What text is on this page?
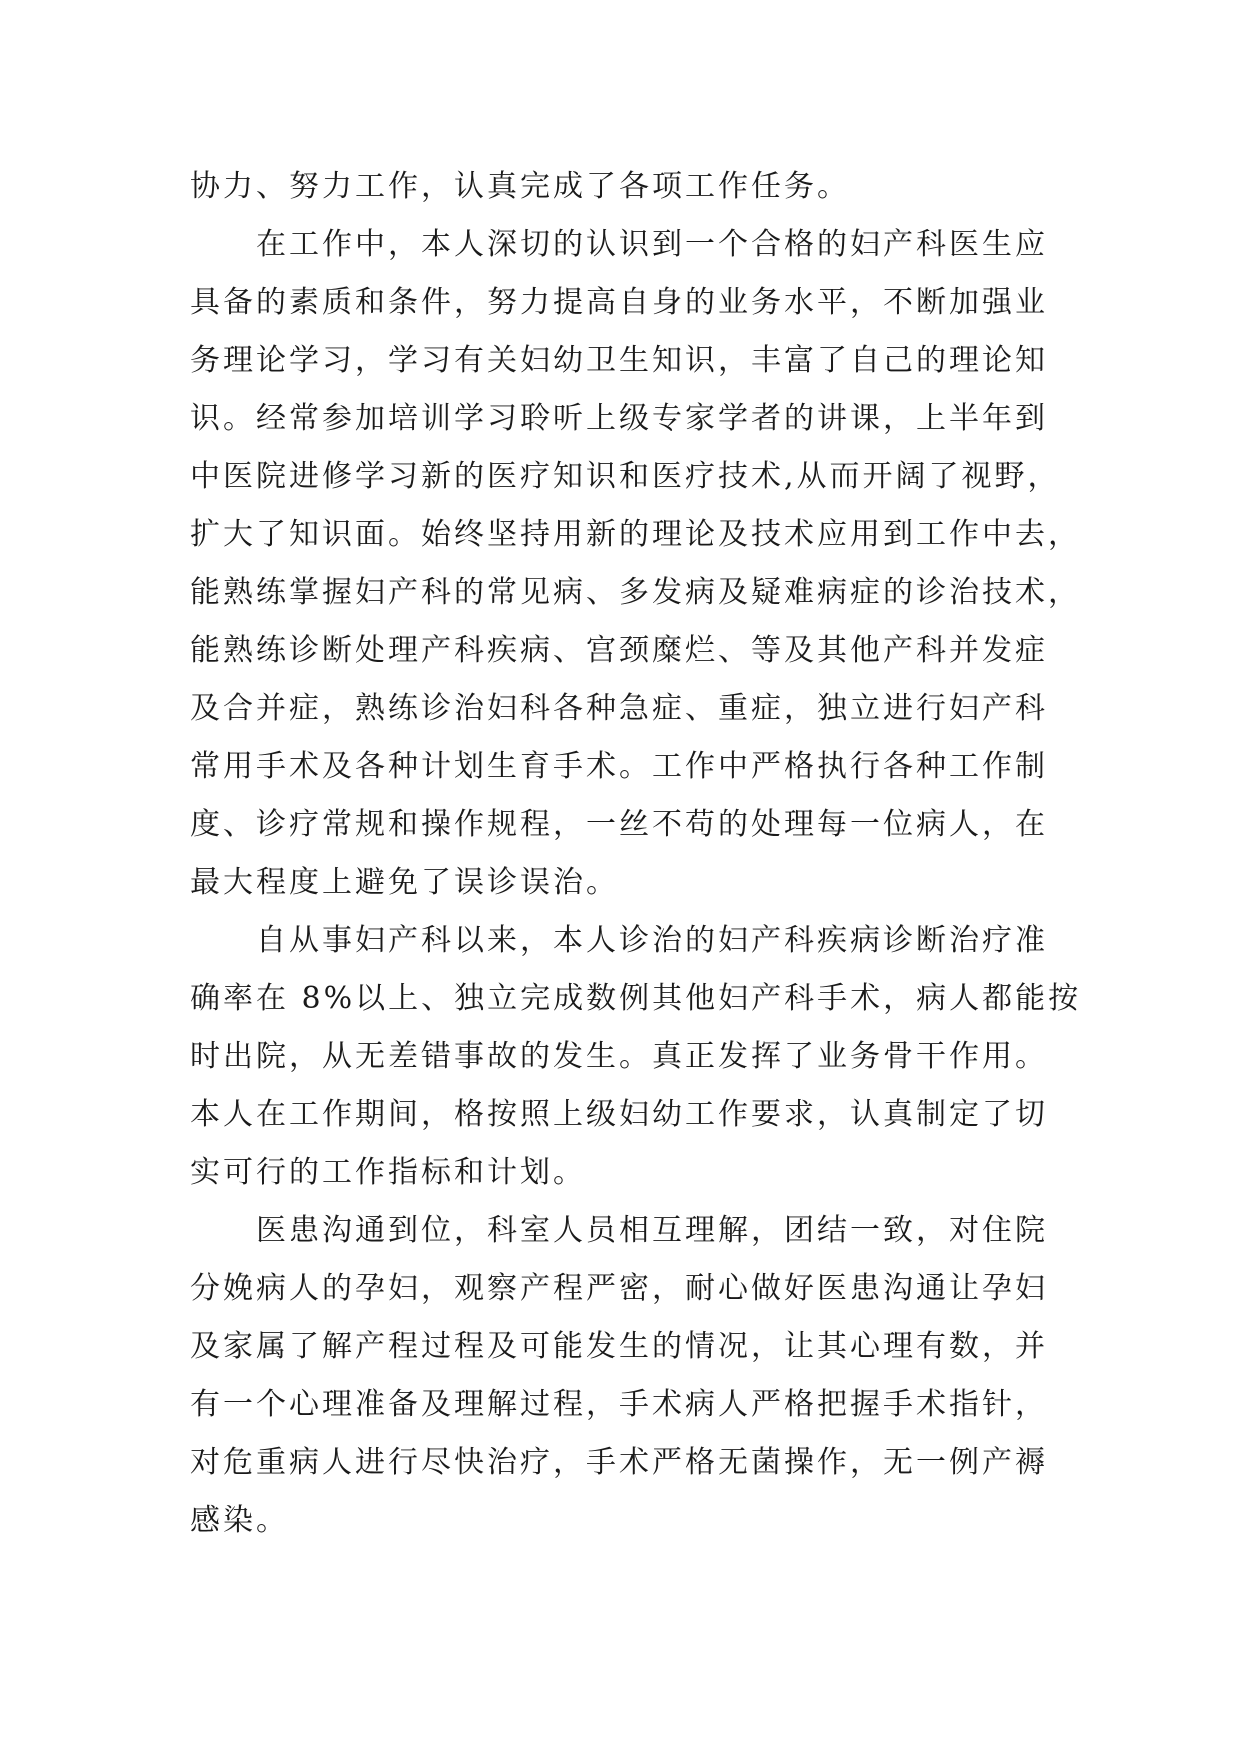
协力、努力工作，认真完成了各项工作任务。
在工作中，本人深切的认识到一个合格的妇产科医生应
具备的素质和条件，努力提高自身的业务水平，不断加强业
务理论学习，学习有关妇幼卫生知识，丰富了自己的理论知
识。经常参加培训学习聆听上级专家学者的讲课，上半年到
中医院进修学习新的医疗知识和医疗技术,从而开阔了视野，
扩大了知识面。始终坚持用新的理论及技术应用到工作中去，
能熟练掌握妇产科的常见病、多发病及疑难病症的诊治技术，
能熟练诊断处理产科疾病、宫颈糜烂、等及其他产科并发症
及合并症，熟练诊治妇科各种急症、重症，独立进行妇产科
常用手术及各种计划生育手术。工作中严格执行各种工作制
度、诊疗常规和操作规程，一丝不苟的处理每一位病人，在
最大程度上避免了误诊误治。
自从事妇产科以来，本人诊治的妇产科疾病诊断治疗准
确率在 8%以上、独立完成数例其他妇产科手术，病人都能按
时出院，从无差错事故的发生。真正发挥了业务骨干作用。
本人在工作期间，格按照上级妇幼工作要求，认真制定了切
实可行的工作指标和计划。
医患沟通到位，科室人员相互理解，团结一致，对住院
分娩病人的孕妇，观察产程严密，耐心做好医患沟通让孕妇
及家属了解产程过程及可能发生的情况，让其心理有数，并
有一个心理准备及理解过程，手术病人严格把握手术指针，
对危重病人进行尽快治疗，手术严格无菌操作，无一例产褥
感染。
